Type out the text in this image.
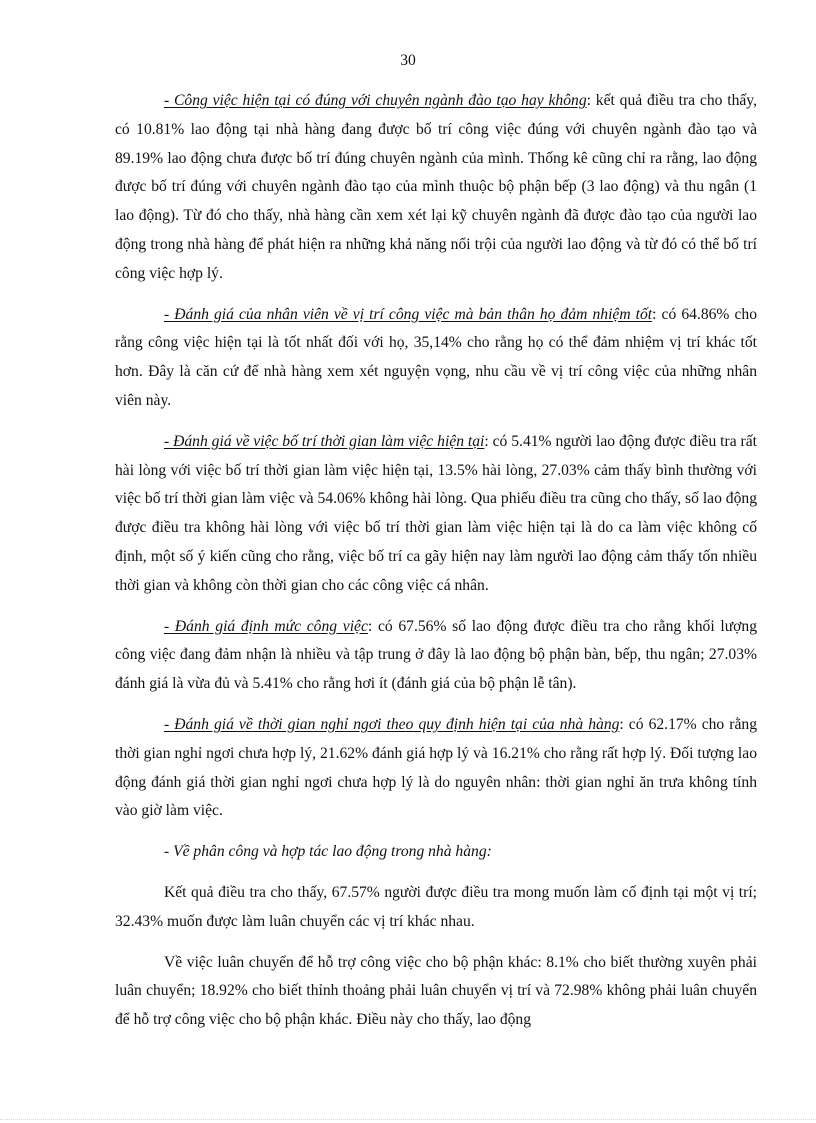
30

- Công việc hiện tại có đúng với chuyên ngành đào tạo hay không: kết quả điều tra cho thấy, có 10.81% lao động tại nhà hàng đang được bố trí công việc đúng với chuyên ngành đào tạo và 89.19% lao động chưa được bố trí đúng chuyên ngành của mình. Thống kê cũng chỉ ra rằng, lao động được bố trí đúng với chuyên ngành đào tạo của mình thuộc bộ phận bếp (3 lao động) và thu ngân (1 lao động). Từ đó cho thấy, nhà hàng cần xem xét lại kỹ chuyên ngành đã được đào tạo của người lao động trong nhà hàng để phát hiện ra những khả năng nổi trội của người lao động và từ đó có thể bố trí công việc hợp lý.

- Đánh giá của nhân viên về vị trí công việc mà bản thân họ đảm nhiệm tốt: có 64.86% cho rằng công việc hiện tại là tốt nhất đối với họ, 35,14% cho rằng họ có thể đảm nhiệm vị trí khác tốt hơn. Đây là căn cứ để nhà hàng xem xét nguyện vọng, nhu cầu về vị trí công việc của những nhân viên này.

- Đánh giá về việc bố trí thời gian làm việc hiện tại: có 5.41% người lao động được điều tra rất hài lòng với việc bố trí thời gian làm việc hiện tại, 13.5% hài lòng, 27.03% cảm thấy bình thường với việc bố trí thời gian làm việc và 54.06% không hài lòng. Qua phiếu điều tra cũng cho thấy, số lao động được điều tra không hài lòng với việc bố trí thời gian làm việc hiện tại là do ca làm việc không cố định, một số ý kiến cũng cho rằng, việc bố trí ca gãy hiện nay làm người lao động cảm thấy tốn nhiều thời gian và không còn thời gian cho các công việc cá nhân.

- Đánh giá định mức công việc: có 67.56% số lao động được điều tra cho rằng khối lượng công việc đang đảm nhận là nhiều và tập trung ở đây là lao động bộ phận bàn, bếp, thu ngân; 27.03% đánh giá là vừa đủ và 5.41% cho rằng hơi ít (đánh giá của bộ phận lễ tân).

- Đánh giá về thời gian nghỉ ngơi theo quy định hiện tại của nhà hàng: có 62.17% cho rằng thời gian nghỉ ngơi chưa hợp lý, 21.62% đánh giá hợp lý và 16.21% cho rằng rất hợp lý. Đối tượng lao động đánh giá thời gian nghỉ ngơi chưa hợp lý là do nguyên nhân: thời gian nghỉ ăn trưa không tính vào giờ làm việc.

- Về phân công và hợp tác lao động trong nhà hàng:

Kết quả điều tra cho thấy, 67.57% người được điều tra mong muốn làm cố định tại một vị trí; 32.43% muốn được làm luân chuyển các vị trí khác nhau.

Về việc luân chuyển để hỗ trợ công việc cho bộ phận khác: 8.1% cho biết thường xuyên phải luân chuyển; 18.92% cho biết thỉnh thoảng phải luân chuyển vị trí và 72.98% không phải luân chuyển để hỗ trợ công việc cho bộ phận khác. Điều này cho thấy, lao động
